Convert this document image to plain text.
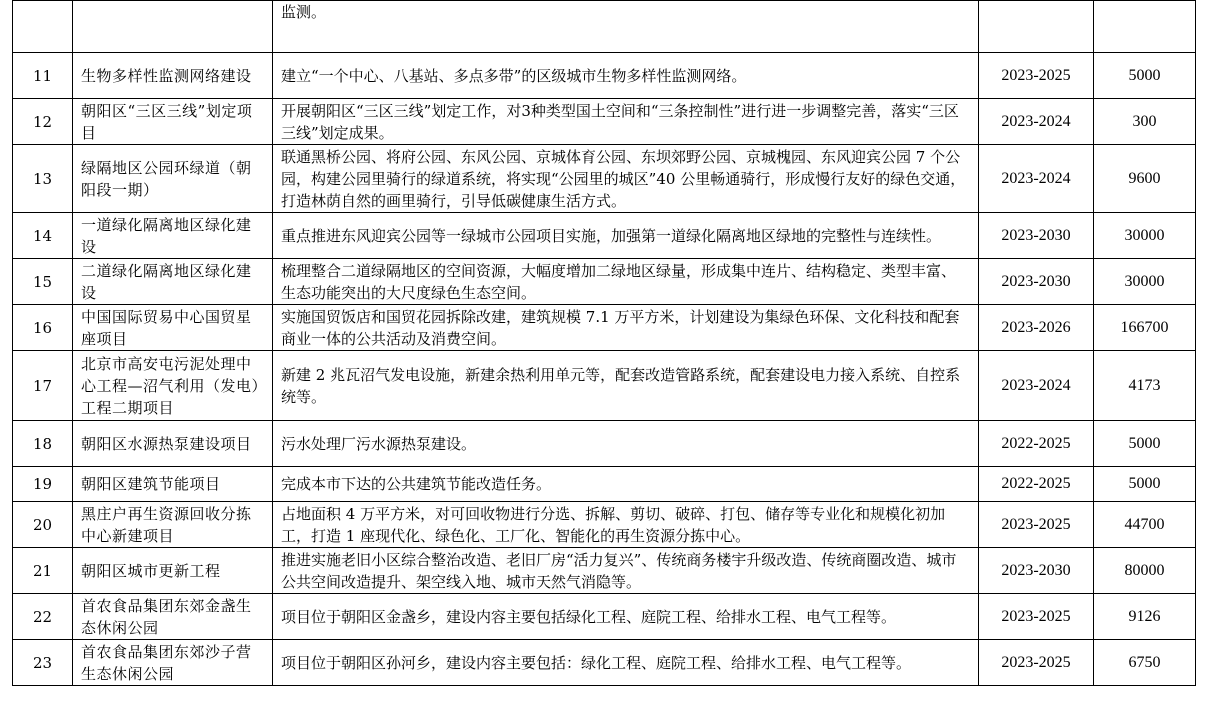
		监测。		
11	生物多样性监测网络建设	建立“一个中心、八基站、多点多带”的区级城市生物多样性监测网络。	2023-2025	5000
12	朝阳区“三区三线”划定项目	开展朝阳区“三区三线”划定工作，对3种类型国土空间和“三条控制性”进行进一步调整完善，落实“三区三线”划定成果。	2023-2024	300
13	绿隔地区公园环绿道（朝阳段一期）	联通黑桥公园、将府公园、东风公园、京城体育公园、东坝郊野公园、京城槐园、东风迎宾公园 7 个公园，构建公园里骑行的绿道系统，将实现“公园里的城区”40 公里畅通骑行，形成慢行友好的绿色交通，打造林荫自然的画里骑行，引导低碳健康生活方式。	2023-2024	9600
14	一道绿化隔离地区绿化建设	重点推进东风迎宾公园等一绿城市公园项目实施，加强第一道绿化隔离地区绿地的完整性与连续性。	2023-2030	30000
15	二道绿化隔离地区绿化建设	梳理整合二道绿隔地区的空间资源，大幅度增加二绿地区绿量，形成集中连片、结构稳定、类型丰富、生态功能突出的大尺度绿色生态空间。	2023-2030	30000
16	中国国际贸易中心国贸星座项目	实施国贸饭店和国贸花园拆除改建，建筑规模 7.1 万平方米，计划建设为集绿色环保、文化科技和配套商业一体的公共活动及消费空间。	2023-2026	166700
17	北京市高安屯污泥处理中心工程—沼气利用（发电）工程二期项目	新建 2 兆瓦沼气发电设施，新建余热利用单元等，配套改造管路系统，配套建设电力接入系统、自控系统等。	2023-2024	4173
18	朝阳区水源热泵建设项目	污水处理厂污水源热泵建设。	2022-2025	5000
19	朝阳区建筑节能项目	完成本市下达的公共建筑节能改造任务。	2022-2025	5000
20	黑庄户再生资源回收分拣中心新建项目	占地面积 4 万平方米，对可回收物进行分选、拆解、剪切、破碎、打包、储存等专业化和规模化初加工，打造 1 座现代化、绿色化、工厂化、智能化的再生资源分拣中心。	2023-2025	44700
21	朝阳区城市更新工程	推进实施老旧小区综合整治改造、老旧厂房“活力复兴”、传统商务楼宇升级改造、传统商圈改造、城市公共空间改造提升、架空线入地、城市天然气消隐等。	2023-2030	80000
22	首农食品集团东郊金盏生态休闲公园	项目位于朝阳区金盏乡，建设内容主要包括绿化工程、庭院工程、给排水工程、电气工程等。	2023-2025	9126
23	首农食品集团东郊沙子营生态休闲公园	项目位于朝阳区孙河乡，建设内容主要包括：绿化工程、庭院工程、给排水工程、电气工程等。	2023-2025	6750
